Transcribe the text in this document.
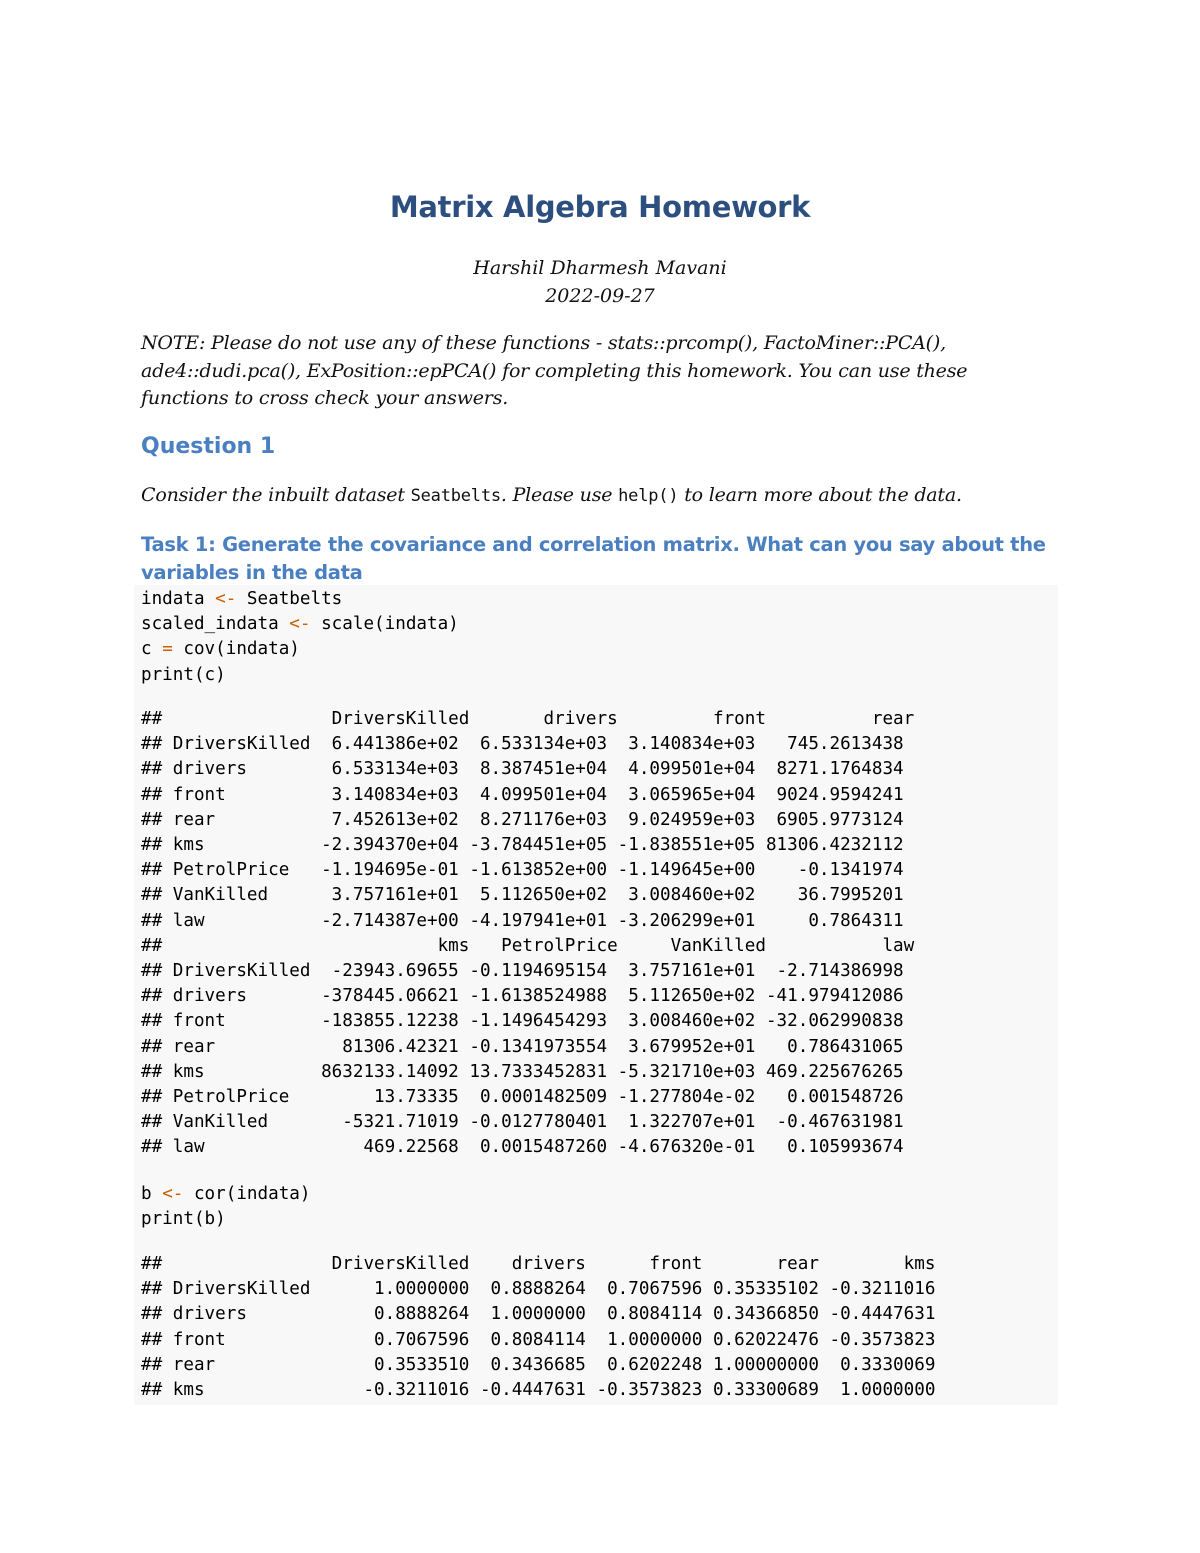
Matrix Algebra Homework
Harshil Dharmesh Mavani
2022-09-27
NOTE: Please do not use any of these functions - stats::prcomp(), FactoMiner::PCA(), ade4::dudi.pca(), ExPosition::epPCA() for completing this homework. You can use these functions to cross check your answers.
Question 1
Consider the inbuilt dataset Seatbelts. Please use help() to learn more about the data.
Task 1: Generate the covariance and correlation matrix. What can you say about the variables in the data
indata <- Seatbelts
scaled_indata <- scale(indata)
c = cov(indata)
print(c)
##                DriversKilled       drivers         front          rear
## DriversKilled  6.441386e+02  6.533134e+03  3.140834e+03   745.2613438
## drivers        6.533134e+03  8.387451e+04  4.099501e+04  8271.1764834
## front          3.140834e+03  4.099501e+04  3.065965e+04  9024.9594241
## rear           7.452613e+02  8.271176e+03  9.024959e+03  6905.9773124
## kms           -2.394370e+04 -3.784451e+05 -1.838551e+05 81306.4232112
## PetrolPrice   -1.194695e-01 -1.613852e+00 -1.149645e+00    -0.1341974
## VanKilled      3.757161e+01  5.112650e+02  3.008460e+02    36.7995201
## law           -2.714387e+00 -4.197941e+01 -3.206299e+01     0.7864311
##                          kms   PetrolPrice     VanKilled           law
## DriversKilled  -23943.69655 -0.1194695154  3.757161e+01  -2.714386998
## drivers       -378445.06621 -1.6138524988  5.112650e+02 -41.979412086
## front         -183855.12238 -1.1496454293  3.008460e+02 -32.062990838
## rear            81306.42321 -0.1341973554  3.679952e+01   0.786431065
## kms           8632133.14092 13.7333452831 -5.321710e+03 469.225676265
## PetrolPrice        13.73335  0.0001482509 -1.277804e-02   0.001548726
## VanKilled       -5321.71019 -0.0127780401  1.322707e+01  -0.467631981
## law               469.22568  0.0015487260 -4.676320e-01   0.105993674
b <- cor(indata)
print(b)
##                DriversKilled    drivers      front       rear        kms
## DriversKilled      1.0000000  0.8888264  0.7067596 0.35335102 -0.3211016
## drivers            0.8888264  1.0000000  0.8084114 0.34366850 -0.4447631
## front              0.7067596  0.8084114  1.0000000 0.62022476 -0.3573823
## rear               0.3533510  0.3436685  0.6202248 1.00000000  0.3330069
## kms               -0.3211016 -0.4447631 -0.3573823 0.33300689  1.0000000
